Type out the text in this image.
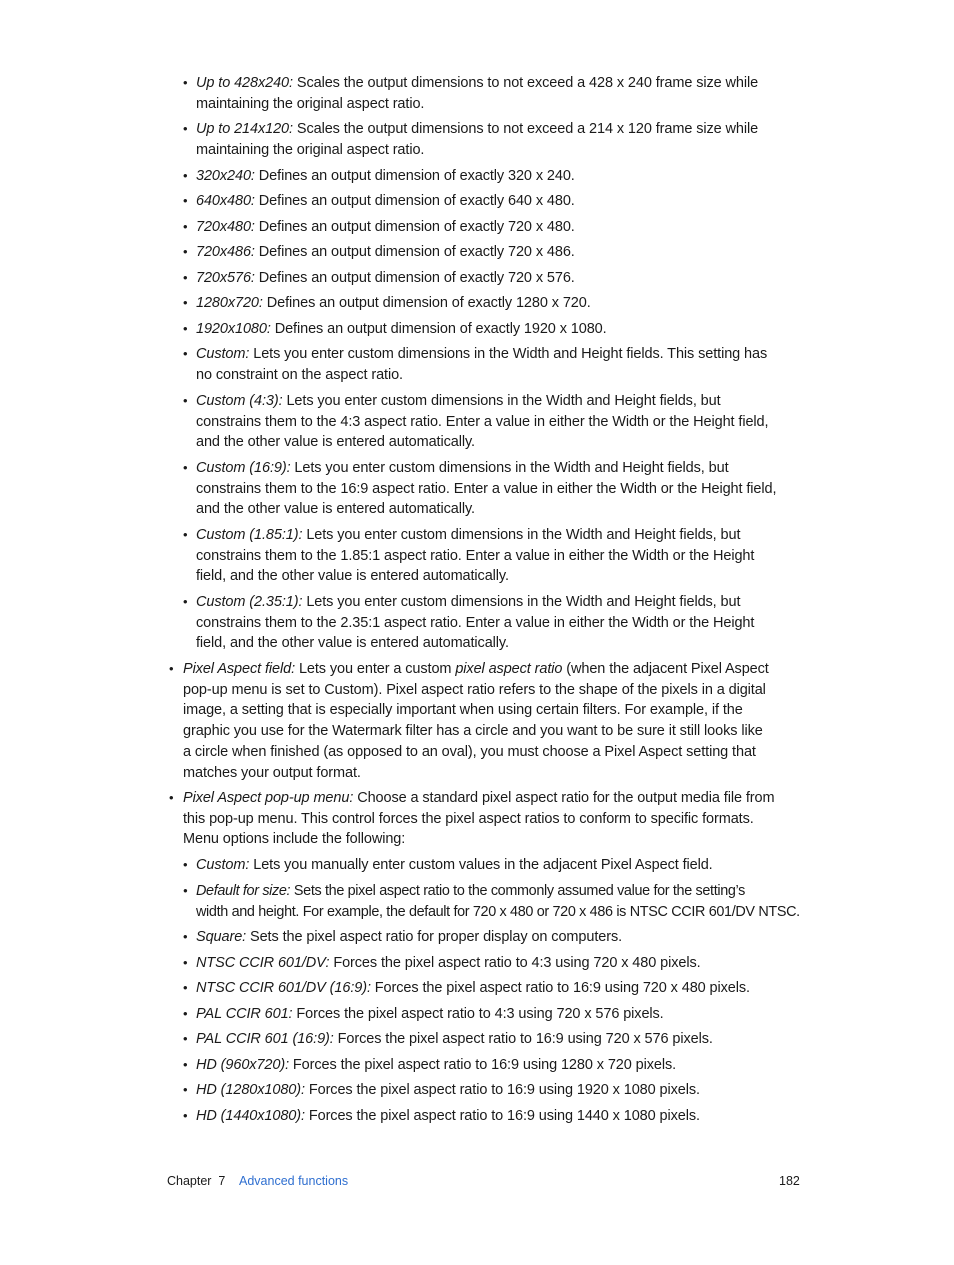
• Up to 428x240: Scales the output dimensions to not exceed a 428 x 240 frame size while
maintaining the original aspect ratio.
• Up to 214x120: Scales the output dimensions to not exceed a 214 x 120 frame size while
maintaining the original aspect ratio.
• 320x240: Defines an output dimension of exactly 320 x 240.
• 640x480: Defines an output dimension of exactly 640 x 480.
• 720x480: Defines an output dimension of exactly 720 x 480.
• 720x486: Defines an output dimension of exactly 720 x 486.
• 720x576: Defines an output dimension of exactly 720 x 576.
• 1280x720: Defines an output dimension of exactly 1280 x 720.
• 1920x1080: Defines an output dimension of exactly 1920 x 1080.
• Custom: Lets you enter custom dimensions in the Width and Height fields. This setting has
no constraint on the aspect ratio.
• Custom (4:3): Lets you enter custom dimensions in the Width and Height fields, but
constrains them to the 4:3 aspect ratio. Enter a value in either the Width or the Height field,
and the other value is entered automatically.
• Custom (16:9): Lets you enter custom dimensions in the Width and Height fields, but
constrains them to the 16:9 aspect ratio. Enter a value in either the Width or the Height field,
and the other value is entered automatically.
• Custom (1.85:1): Lets you enter custom dimensions in the Width and Height fields, but
constrains them to the 1.85:1 aspect ratio. Enter a value in either the Width or the Height
field, and the other value is entered automatically.
• Custom (2.35:1): Lets you enter custom dimensions in the Width and Height fields, but
constrains them to the 2.35:1 aspect ratio. Enter a value in either the Width or the Height
field, and the other value is entered automatically.
• Pixel Aspect field: Lets you enter a custom pixel aspect ratio (when the adjacent Pixel Aspect
pop-up menu is set to Custom). Pixel aspect ratio refers to the shape of the pixels in a digital
image, a setting that is especially important when using certain filters. For example, if the
graphic you use for the Watermark filter has a circle and you want to be sure it still looks like
a circle when finished (as opposed to an oval), you must choose a Pixel Aspect setting that
matches your output format.
• Pixel Aspect pop-up menu: Choose a standard pixel aspect ratio for the output media file from
this pop-up menu. This control forces the pixel aspect ratios to conform to specific formats.
Menu options include the following:
• Custom: Lets you manually enter custom values in the adjacent Pixel Aspect field.
• Default for size: Sets the pixel aspect ratio to the commonly assumed value for the setting’s
width and height. For example, the default for 720 x 480 or 720 x 486 is NTSC CCIR 601/DV NTSC.
• Square: Sets the pixel aspect ratio for proper display on computers.
• NTSC CCIR 601/DV: Forces the pixel aspect ratio to 4:3 using 720 x 480 pixels.
• NTSC CCIR 601/DV (16:9): Forces the pixel aspect ratio to 16:9 using 720 x 480 pixels.
• PAL CCIR 601: Forces the pixel aspect ratio to 4:3 using 720 x 576 pixels.
• PAL CCIR 601 (16:9): Forces the pixel aspect ratio to 16:9 using 720 x 576 pixels.
• HD (960x720): Forces the pixel aspect ratio to 16:9 using 1280 x 720 pixels.
• HD (1280x1080): Forces the pixel aspect ratio to 16:9 using 1920 x 1080 pixels.
• HD (1440x1080): Forces the pixel aspect ratio to 16:9 using 1440 x 1080 pixels.
Chapter  7 Advanced functions	182
